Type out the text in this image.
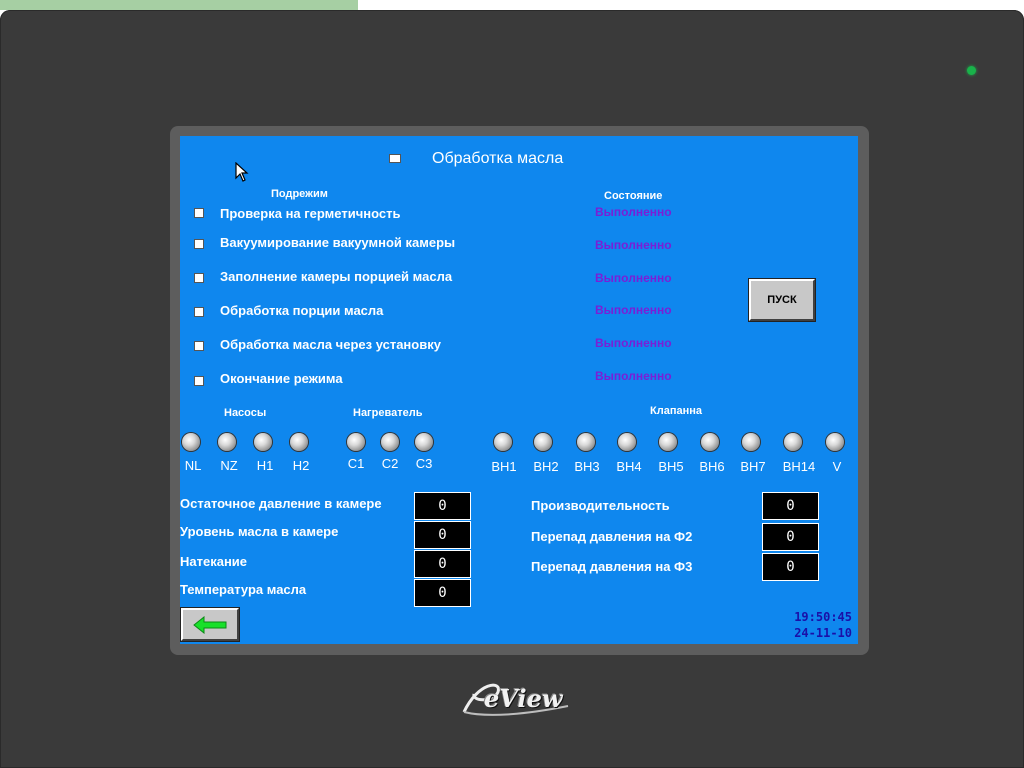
Обработка масла
Подрежим	Состояние
Проверка на герметичность	Выполненно
Вакуумирование вакуумной камеры	Выполненно
Заполнение камеры порцией масла	Выполненно
Обработка порции масла	Выполненно
Обработка масла через установку	Выполненно
Окончание режима	Выполненно
ПУСК
Насосы	Нагреватель	Клапанна
NL NZ H1 H2	C1 C2 C3	BH1 BH2 BH3 BH4 BH5 BH6 BH7 BH14	V
Остаточное давление в камере	0
Уровень масла в камере	0
Натекание	0
Температура масла	0
Производительность	0
Перепад давления на Ф2	0
Перепад давления на Ф3	0
19:50:45
24-11-10
eView
